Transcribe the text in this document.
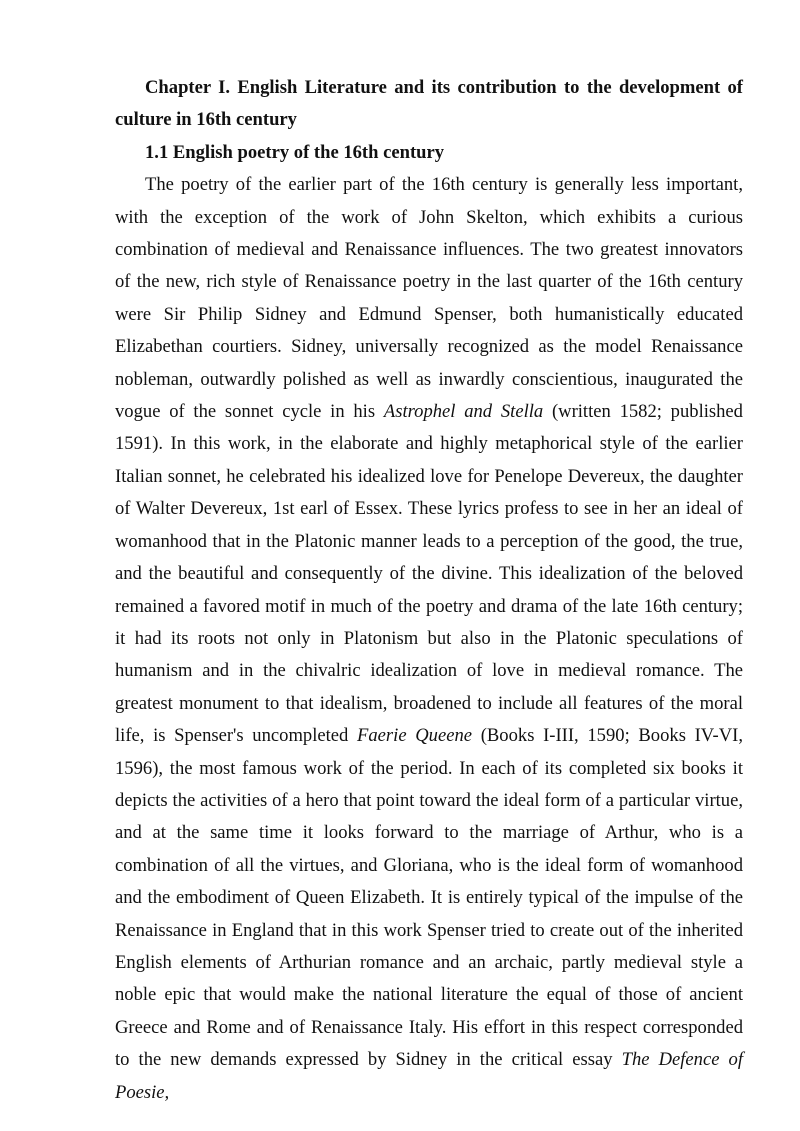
Chapter I. English Literature and its contribution to the development of culture in 16th century

1.1 English poetry of the 16th century

The poetry of the earlier part of the 16th century is generally less important, with the exception of the work of John Skelton, which exhibits a curious combination of medieval and Renaissance influences. The two greatest innovators of the new, rich style of Renaissance poetry in the last quarter of the 16th century were Sir Philip Sidney and Edmund Spenser, both humanistically educated Elizabethan courtiers. Sidney, universally recognized as the model Renaissance nobleman, outwardly polished as well as inwardly conscientious, inaugurated the vogue of the sonnet cycle in his Astrophel and Stella (written 1582; published 1591). In this work, in the elaborate and highly metaphorical style of the earlier Italian sonnet, he celebrated his idealized love for Penelope Devereux, the daughter of Walter Devereux, 1st earl of Essex. These lyrics profess to see in her an ideal of womanhood that in the Platonic manner leads to a perception of the good, the true, and the beautiful and consequently of the divine. This idealization of the beloved remained a favored motif in much of the poetry and drama of the late 16th century; it had its roots not only in Platonism but also in the Platonic speculations of humanism and in the chivalric idealization of love in medieval romance. The greatest monument to that idealism, broadened to include all features of the moral life, is Spenser's uncompleted Faerie Queene (Books I-III, 1590; Books IV-VI, 1596), the most famous work of the period. In each of its completed six books it depicts the activities of a hero that point toward the ideal form of a particular virtue, and at the same time it looks forward to the marriage of Arthur, who is a combination of all the virtues, and Gloriana, who is the ideal form of womanhood and the embodiment of Queen Elizabeth. It is entirely typical of the impulse of the Renaissance in England that in this work Spenser tried to create out of the inherited English elements of Arthurian romance and an archaic, partly medieval style a noble epic that would make the national literature the equal of those of ancient Greece and Rome and of Renaissance Italy. His effort in this respect corresponded to the new demands expressed by Sidney in the critical essay The Defence of Poesie,
